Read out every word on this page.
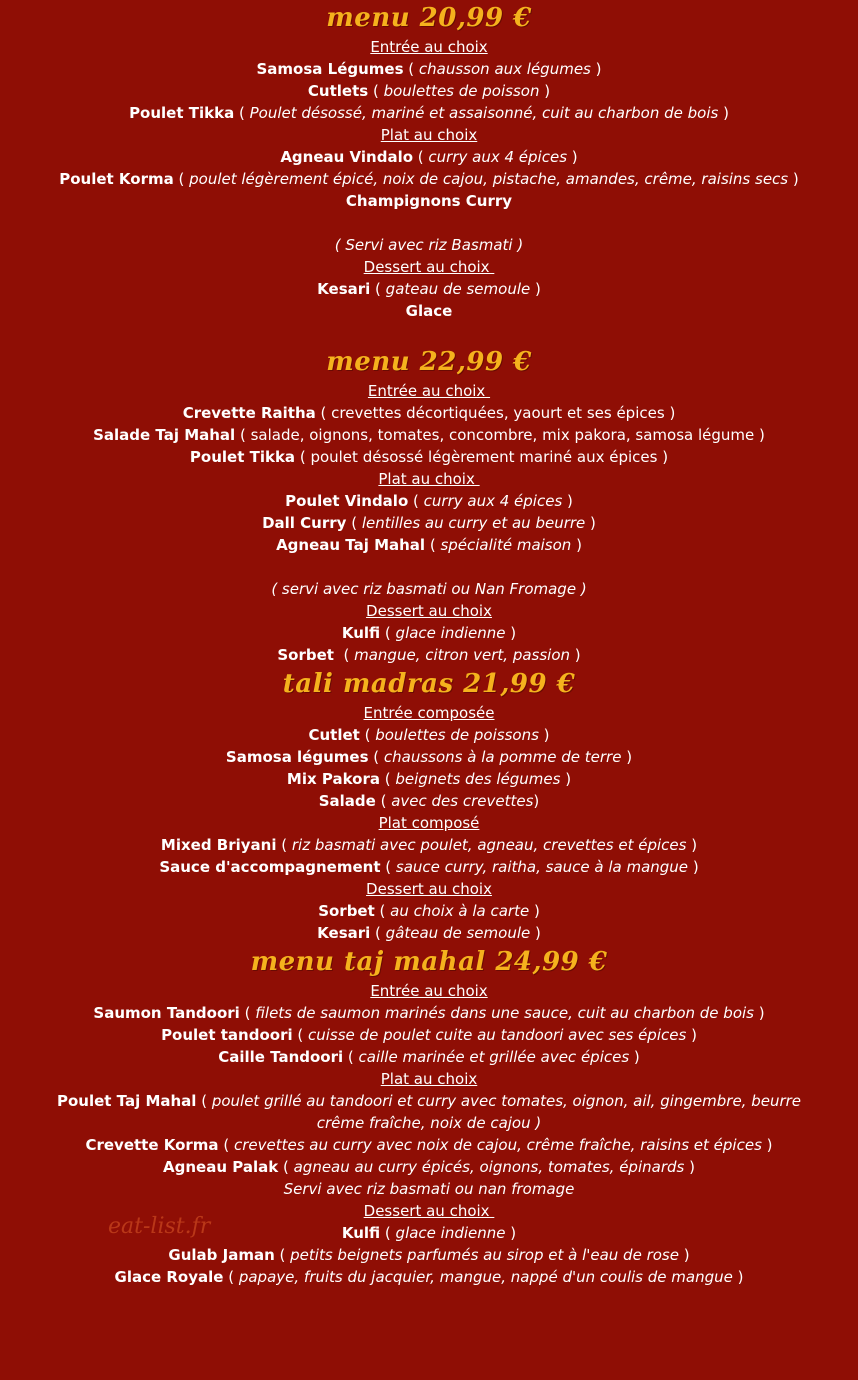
menu 20,99 €
Entrée au choix
Samosa Légumes ( chausson aux légumes )
Cutlets ( boulettes de poisson )
Poulet Tikka ( Poulet désossé, mariné et assaisonné, cuit au charbon de bois )
Plat au choix
Agneau Vindalo ( curry aux 4 épices )
Poulet Korma ( poulet légèrement épicé, noix de cajou, pistache, amandes, crême, raisins secs )
Champignons Curry
( Servi avec riz Basmati )
Dessert au choix
Kesari ( gateau de semoule )
Glace
menu 22,99 €
Entrée au choix
Crevette Raitha ( crevettes décortiquées, yaourt et ses épices )
Salade Taj Mahal ( salade, oignons, tomates, concombre, mix pakora, samosa légume )
Poulet Tikka ( poulet désossé légèrement mariné aux épices )
Plat au choix
Poulet Vindalo ( curry aux 4 épices )
Dall Curry ( lentilles au curry et au beurre )
Agneau Taj Mahal ( spécialité maison )
( servi avec riz basmati ou Nan Fromage )
Dessert au choix
Kulfi ( glace indienne )
Sorbet  ( mangue, citron vert, passion )
tali madras 21,99 €
Entrée composée
Cutlet ( boulettes de poissons )
Samosa légumes ( chaussons à la pomme de terre )
Mix Pakora ( beignets des légumes )
Salade ( avec des crevettes)
Plat composé
Mixed Briyani ( riz basmati avec poulet, agneau, crevettes et épices )
Sauce d'accompagnement ( sauce curry, raitha, sauce à la mangue )
Dessert au choix
Sorbet ( au choix à la carte )
Kesari ( gâteau de semoule )
menu taj mahal 24,99 €
Entrée au choix
Saumon Tandoori ( filets de saumon marinés dans une sauce, cuit au charbon de bois )
Poulet tandoori ( cuisse de poulet cuite au tandoori avec ses épices )
Caille Tandoori ( caille marinée et grillée avec épices )
Plat au choix
Poulet Taj Mahal ( poulet grillé au tandoori et curry avec tomates, oignon, ail, gingembre, beurre
crême fraîche, noix de cajou )
Crevette Korma ( crevettes au curry avec noix de cajou, crême fraîche, raisins et épices )
Agneau Palak ( agneau au curry épicés, oignons, tomates, épinards )
Servi avec riz basmati ou nan fromage
Dessert au choix
Kulfi ( glace indienne )
Gulab Jaman ( petits beignets parfumés au sirop et à l'eau de rose )
Glace Royale ( papaye, fruits du jacquier, mangue, nappé d'un coulis de mangue )
eat-list.fr
